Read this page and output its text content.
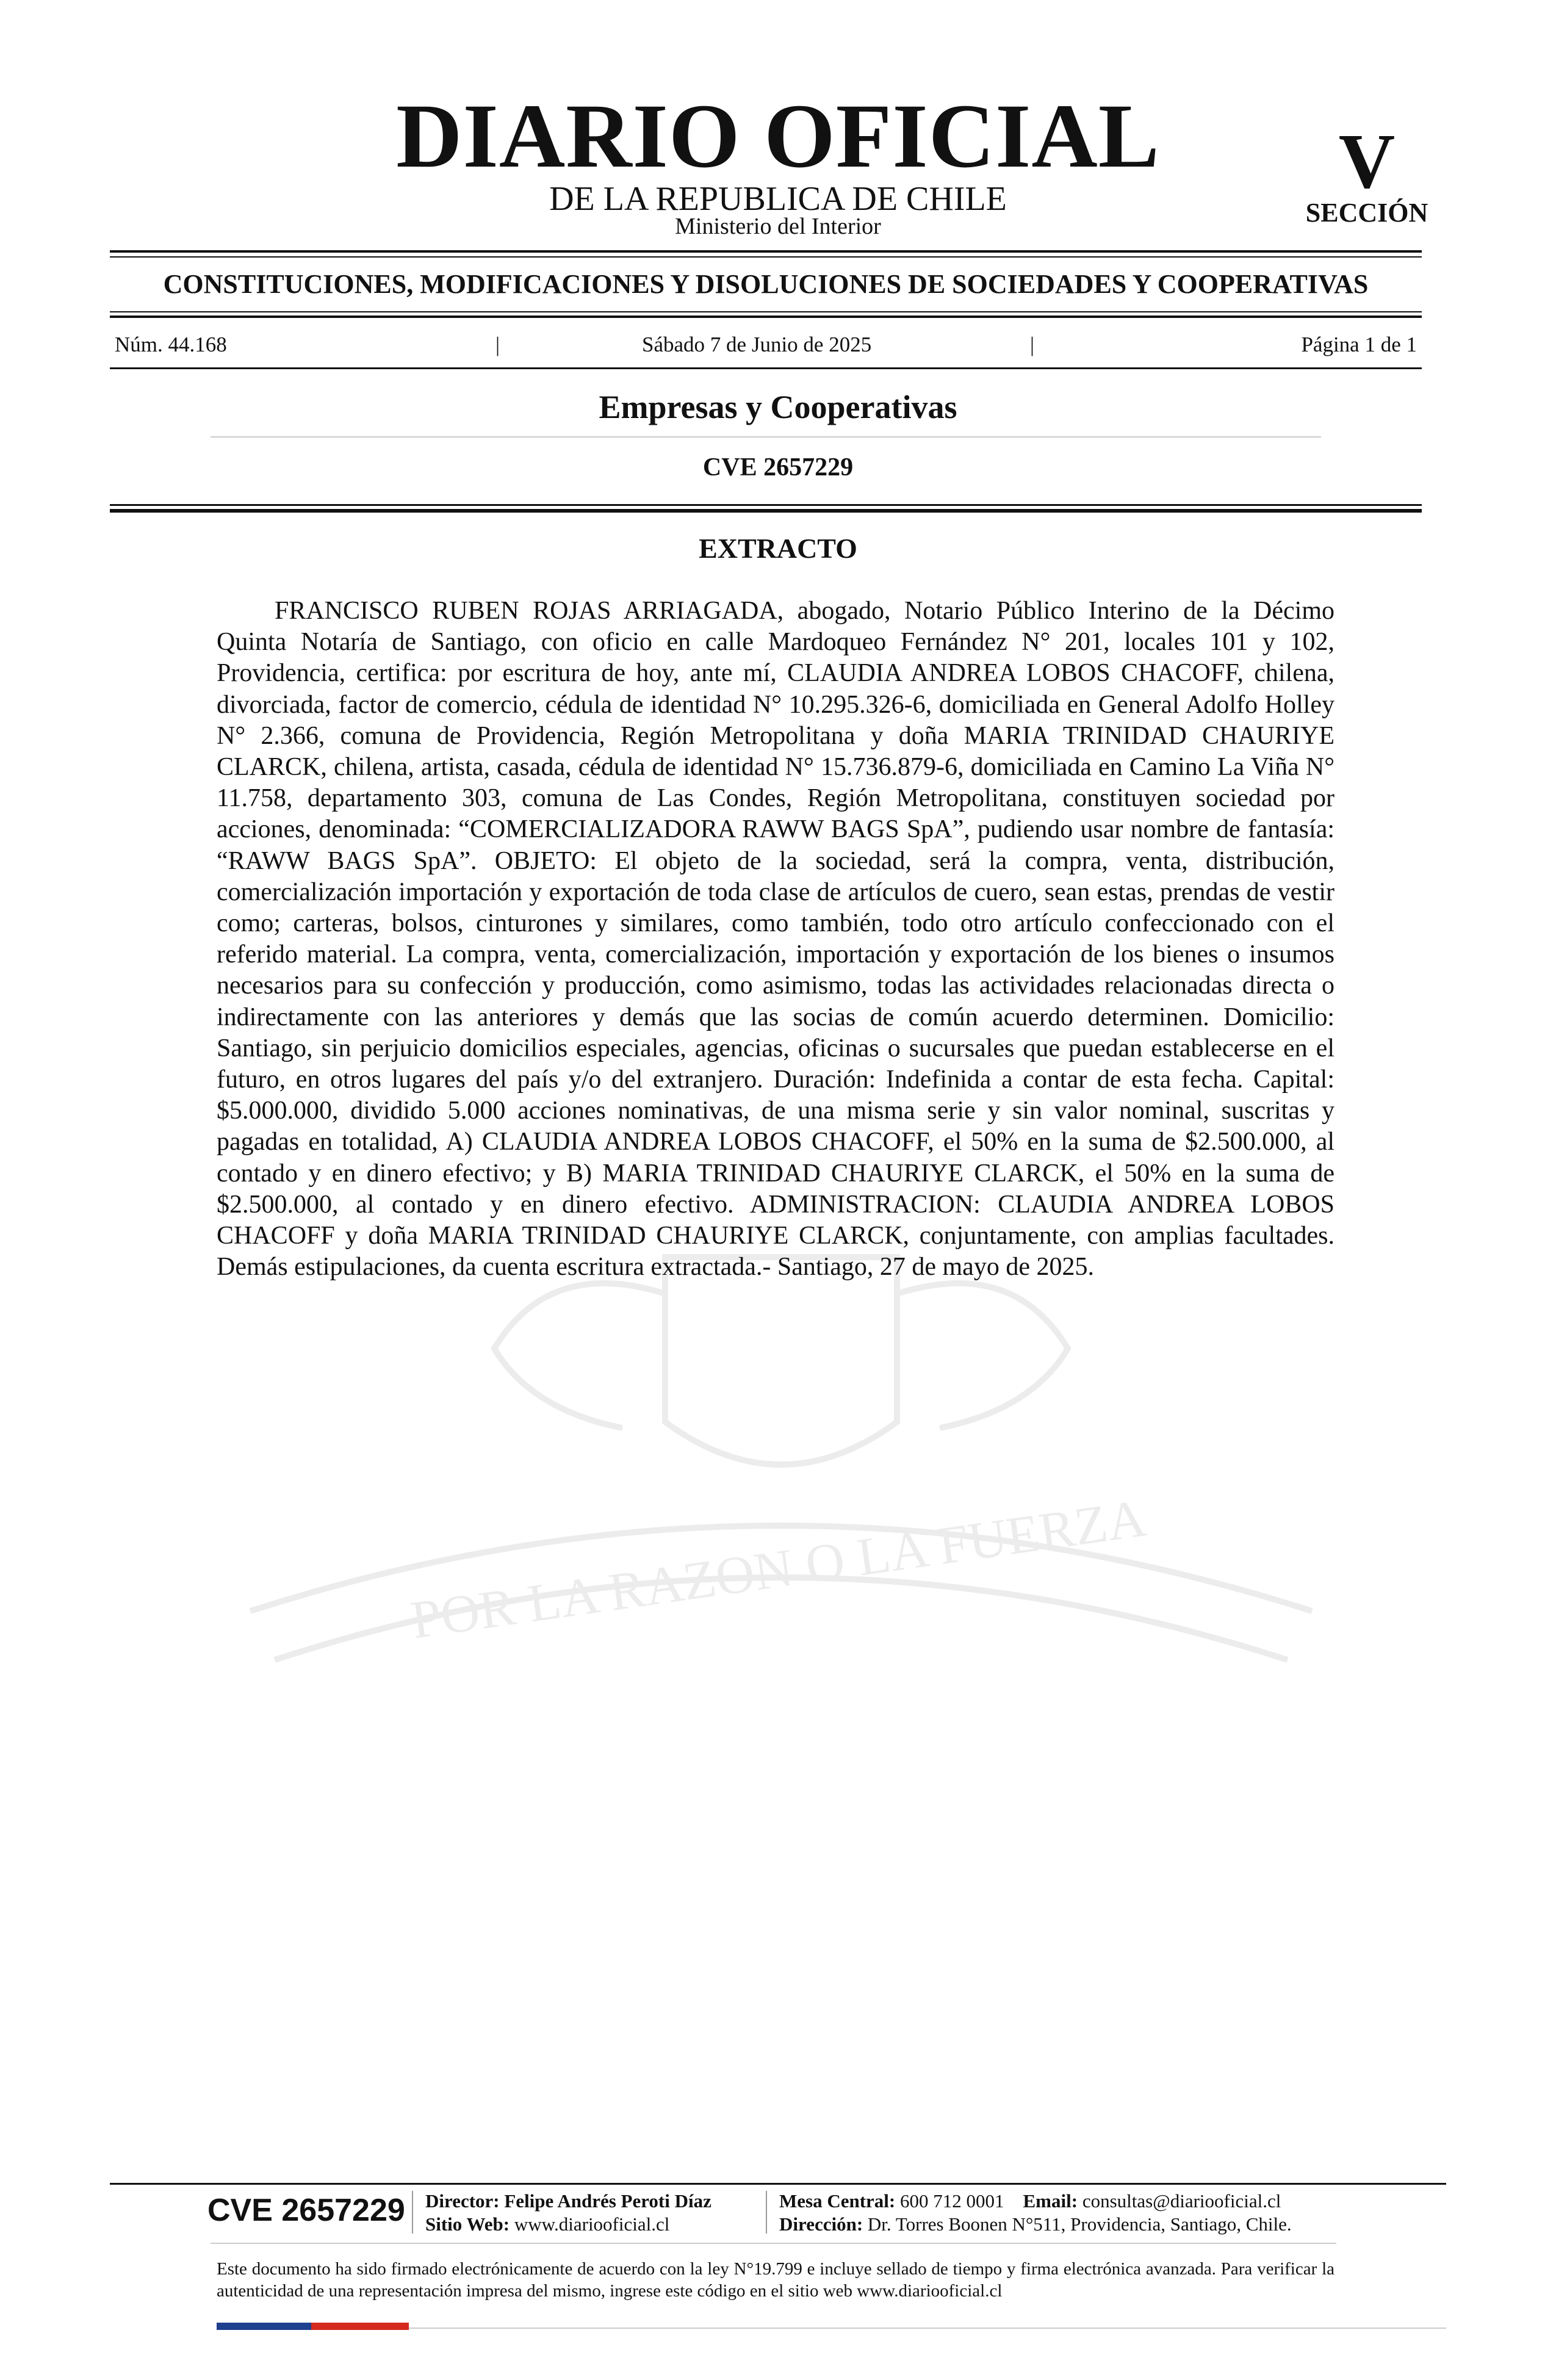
DIARIO OFICIAL
DE LA REPUBLICA DE CHILE
Ministerio del Interior
V
SECCIÓN
CONSTITUCIONES, MODIFICACIONES Y DISOLUCIONES DE SOCIEDADES Y COOPERATIVAS
Núm. 44.168	|	Sábado 7 de Junio de 2025	|	Página 1 de 1
Empresas y Cooperativas
CVE 2657229
POR LA RAZON O LA FUERZA
EXTRACTO
FRANCISCO RUBEN ROJAS ARRIAGADA, abogado, Notario Público Interino de la Décimo Quinta Notaría de Santiago, con oficio en calle Mardoqueo Fernández N° 201, locales 101 y 102, Providencia, certifica: por escritura de hoy, ante mí, CLAUDIA ANDREA LOBOS CHACOFF, chilena, divorciada, factor de comercio, cédula de identidad N° 10.295.326-6, domiciliada en General Adolfo Holley N° 2.366, comuna de Providencia, Región Metropolitana y doña MARIA TRINIDAD CHAURIYE CLARCK, chilena, artista, casada, cédula de identidad N° 15.736.879-6, domiciliada en Camino La Viña N° 11.758, departamento 303, comuna de Las Condes, Región Metropolitana, constituyen sociedad por acciones, denominada: “COMERCIALIZADORA RAWW BAGS SpA”, pudiendo usar nombre de fantasía: “RAWW BAGS SpA”. OBJETO: El objeto de la sociedad, será la compra, venta, distribución, comercialización importación y exportación de toda clase de artículos de cuero, sean estas, prendas de vestir como; carteras, bolsos, cinturones y similares, como también, todo otro artículo confeccionado con el referido material. La compra, venta, comercialización, importación y exportación de los bienes o insumos necesarios para su confección y producción, como asimismo, todas las actividades relacionadas directa o indirectamente con las anteriores y demás que las socias de común acuerdo determinen. Domicilio: Santiago, sin perjuicio domicilios especiales, agencias, oficinas o sucursales que puedan establecerse en el futuro, en otros lugares del país y/o del extranjero. Duración: Indefinida a contar de esta fecha. Capital: $5.000.000, dividido 5.000 acciones nominativas, de una misma serie y sin valor nominal, suscritas y pagadas en totalidad, A) CLAUDIA ANDREA LOBOS CHACOFF, el 50% en la suma de $2.500.000, al contado y en dinero efectivo; y B) MARIA TRINIDAD CHAURIYE CLARCK, el 50% en la suma de $2.500.000, al contado y en dinero efectivo. ADMINISTRACION: CLAUDIA ANDREA LOBOS CHACOFF y doña MARIA TRINIDAD CHAURIYE CLARCK, conjuntamente, con amplias facultades. Demás estipulaciones, da cuenta escritura extractada.- Santiago, 27 de mayo de 2025.
CVE 2657229 Director: Felipe Andrés Peroti Díaz
Sitio Web: www.diariooficial.cl
Mesa Central: 600 712 0001 Email: consultas@diariooficial.cl
Dirección: Dr. Torres Boonen N°511, Providencia, Santiago, Chile.
Este documento ha sido firmado electrónicamente de acuerdo con la ley N°19.799 e incluye sellado de tiempo y firma electrónica avanzada. Para verificar la autenticidad de una representación impresa del mismo, ingrese este código en el sitio web www.diariooficial.cl
